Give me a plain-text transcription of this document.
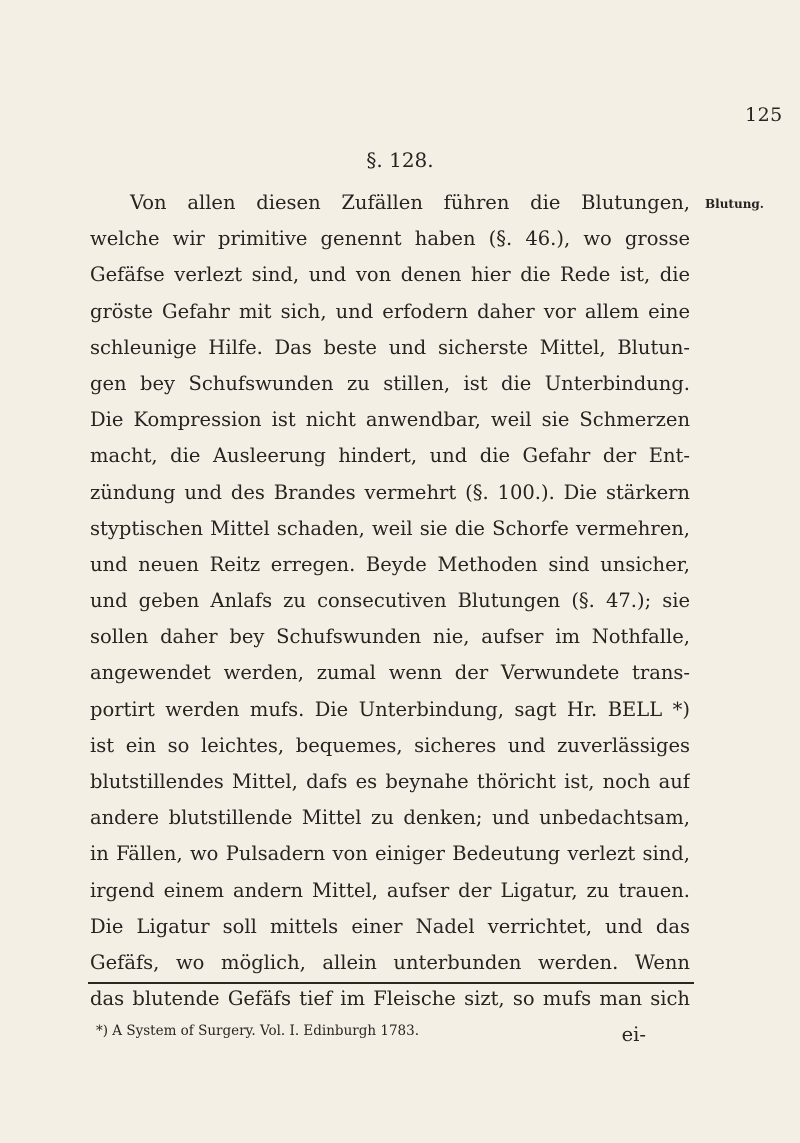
125
§. 128.
Blutung.
Von allen diesen Zufällen führen die Blutungen,
welche wir primitive genennt haben (§. 46.), wo grosse
Gefäfse verlezt sind, und von denen hier die Rede ist, die
gröste Gefahr mit sich, und erfodern daher vor allem eine
schleunige Hilfe. Das beste und sicherste Mittel, Blutun-
gen bey Schufswunden zu stillen, ist die Unterbindung.
Die Kompression ist nicht anwendbar, weil sie Schmerzen
macht, die Ausleerung hindert, und die Gefahr der Ent-
zündung und des Brandes vermehrt (§. 100.). Die stärkern
styptischen Mittel schaden, weil sie die Schorfe vermehren,
und neuen Reitz erregen. Beyde Methoden sind unsicher,
und geben Anlafs zu consecutiven Blutungen (§. 47.); sie
sollen daher bey Schufswunden nie, aufser im Nothfalle,
angewendet werden, zumal wenn der Verwundete trans-
portirt werden mufs. Die Unterbindung, sagt Hr. BELL *)
ist ein so leichtes, bequemes, sicheres und zuverlässiges
blutstillendes Mittel, dafs es beynahe thöricht ist, noch auf
andere blutstillende Mittel zu denken; und unbedachtsam,
in Fällen, wo Pulsadern von einiger Bedeutung verlezt sind,
irgend einem andern Mittel, aufser der Ligatur, zu trauen.
Die Ligatur soll mittels einer Nadel verrichtet, und das
Gefäfs, wo möglich, allein unterbunden werden. Wenn
das blutende Gefäfs tief im Fleische sizt, so mufs man sich
ei-
*) A System of Surgery. Vol. I. Edinburgh 1783.
